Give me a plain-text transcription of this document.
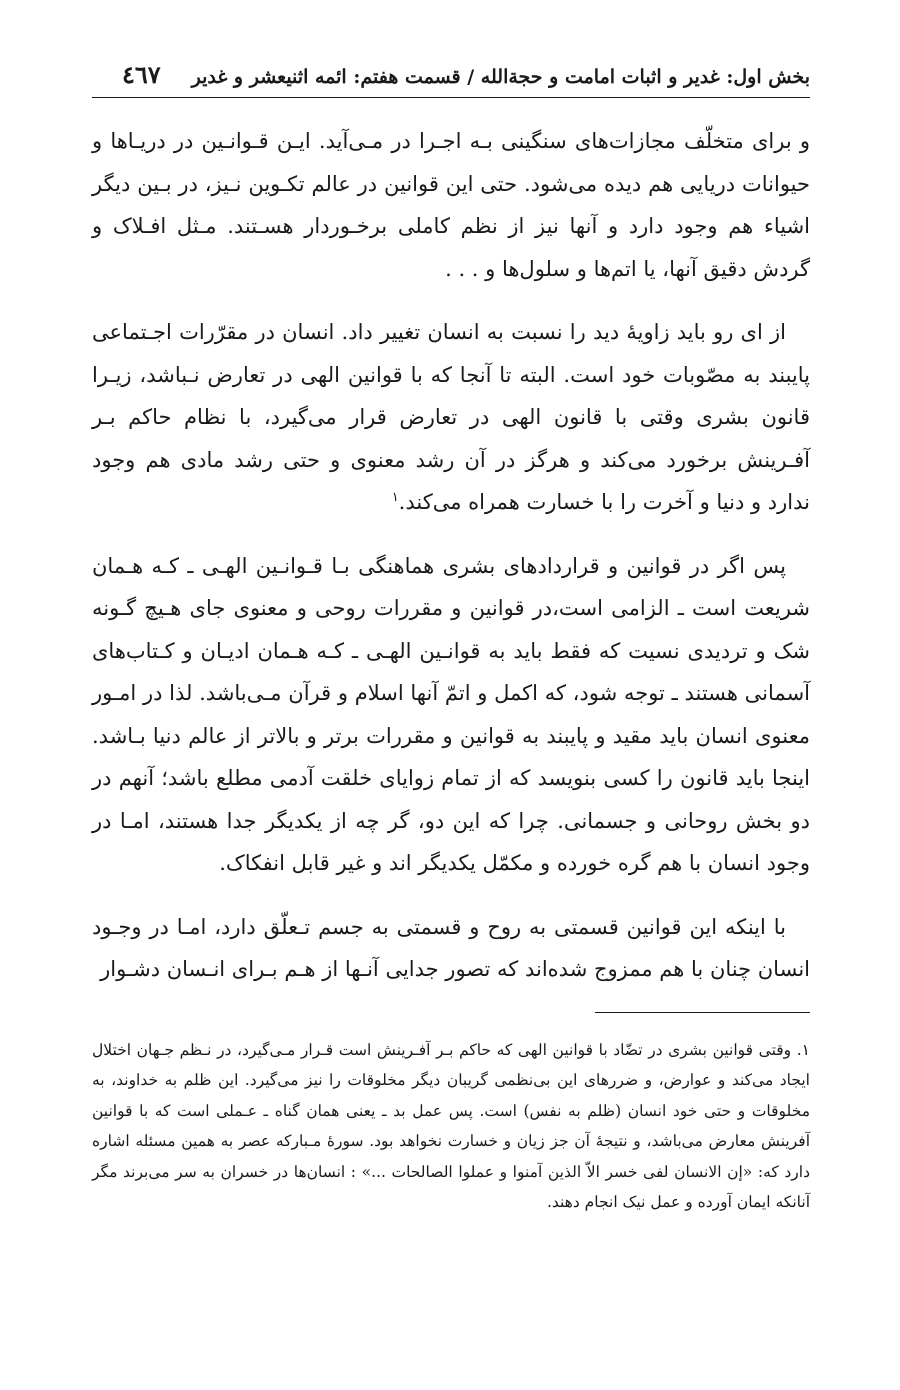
بخش اول: غدیر و اثبات امامت و حجةالله / قسمت هفتم: ائمه اثنیعشر و غدیر
٤٦٧

و برای متخلّف مجازات‌های سنگینی بـه اجـرا در مـی‌آید. ایـن قـوانـین در دریـاها و حیوانات دریایی هم دیده می‌شود. حتی این قوانین در عالم تکـوین نـیز، در بـین دیگر اشیاء هم وجود دارد و آنها نیز از نظم کاملی برخـوردار هسـتند. مـثل افـلاک و گردش دقیق آنها، یا اتم‌ها و سلول‌ها و . . .

از ای رو باید زاویهٔ دید را نسبت به انسان تغییر داد. انسان در مقرّرات اجـتماعی پایبند به مصّوبات خود است. البته تا آنجا که با قوانین الهی در تعارض نـباشد، زیـرا قانون بشری وقتی با قانون الهی در تعارض قرار می‌گیرد، با نظام حاکم بـر آفـرینش برخورد می‌کند و هرگز در آن رشد معنوی و حتی رشد مادی هم وجود ندارد و دنیا و آخرت را با خسارت همراه می‌کند.$^١$

پس اگر در قوانین و قراردادهای بشری هماهنگی بـا قـوانـین الهـی ـ کـه هـمان شریعت است ـ الزامی است،در قوانین و مقررات روحی و معنوی جای هـیچ گـونه شک و تردیدی نسیت که فقط باید به قوانـین الهـی ـ کـه هـمان ادیـان و کـتاب‌های آسمانی هستند ـ توجه شود، که اکمل و اتمّ آنها اسلام و قرآن مـی‌باشد. لذا در امـور معنوی انسان باید مقید و پایبند به قوانین و مقررات برتر و بالاتر از عالم دنیا بـاشد. اینجا باید قانون را کسی بنویسد که از تمام زوایای خلقت آدمی مطلع باشد؛ آنهم در دو بخش روحانی و جسمانی. چرا که این دو، گر چه از یکدیگر جدا هستند، امـا در وجود انسان با هم گره خورده و مکمّل یکدیگر اند و غیر قابل انفکاک.

با اینکه این قوانین قسمتی به روح و قسمتی به جسم تـعلّق دارد، امـا در وجـود انسان چنان با هم ممزوج شده‌اند که تصور جدایی آنـها از هـم بـرای انـسان دشـوار

١. وقتی قوانین بشری در تضّاد با قوانین الهی که حاکم بـر آفـرینش است قـرار مـی‌گیرد، در نـظم جـهان اختلال ایجاد می‌کند و عوارض، و ضررهای این بی‌نظمی گریبان دیگر مخلوقات را نیز می‌گیرد. این ظلم به خداوند، به مخلوقات و حتی خود انسان (ظلم به نفس) است. پس عمل بد ـ یعنی همان گناه ـ عـملی است که با قوانین آفرینش معارض می‌باشد، و نتیجهٔ آن جز زیان و خسارت نخواهد بود. سورهٔ مـبارکه عصر به همین مسئله اشاره دارد که: «إن الانسان لفی خسر الاّ الذین آمنوا و عملوا الصالحات ...» : انسان‌ها در خسران به سر می‌برند مگر آنانکه ایمان آورده و عمل نیک انجام دهند.
